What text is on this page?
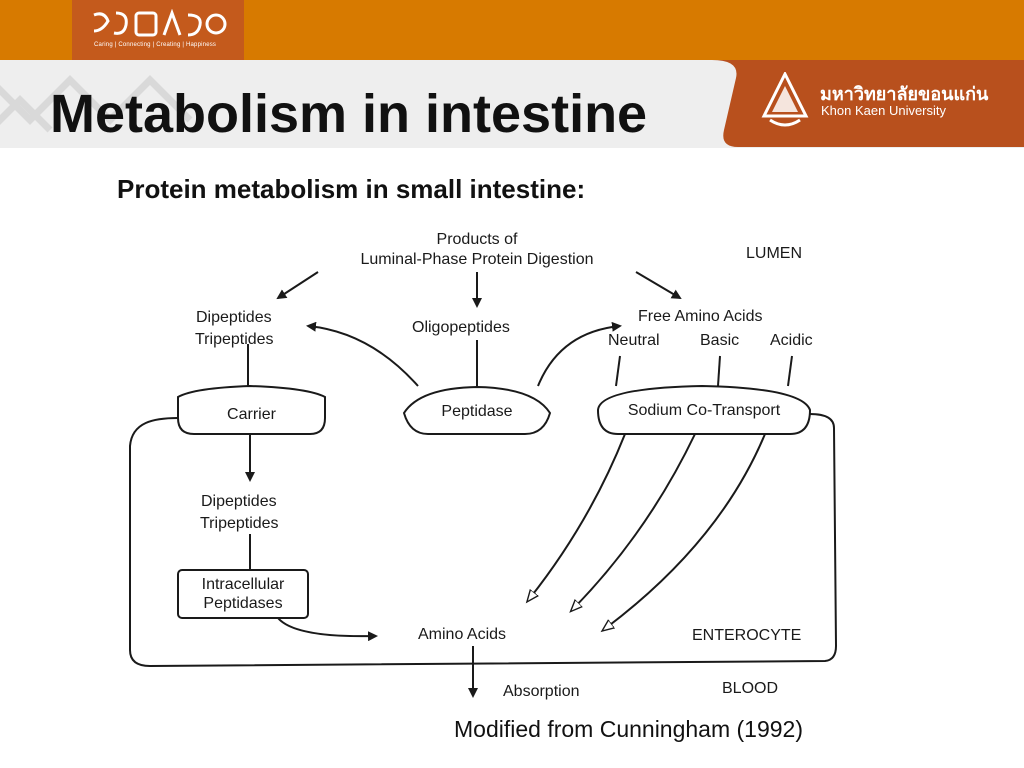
Caring | Connecting | Creating | Happiness
Metabolism in intestine	มหาวิทยาลัยขอนแก่น
Khon Kaen University
Protein metabolism in small intestine:
Products of
Luminal-Phase Protein Digestion	LUMEN
Dipeptides
Tripeptides
Oligopeptides
Free Amino Acids
Neutral	Basic Acidic
Carrier	Peptidase	Sodium Co-Transport
Dipeptides
Tripeptides
Intracellular
Peptidases
Amino Acids	ENTEROCYTE
Absorption	BLOOD
Modified from Cunningham (1992)
